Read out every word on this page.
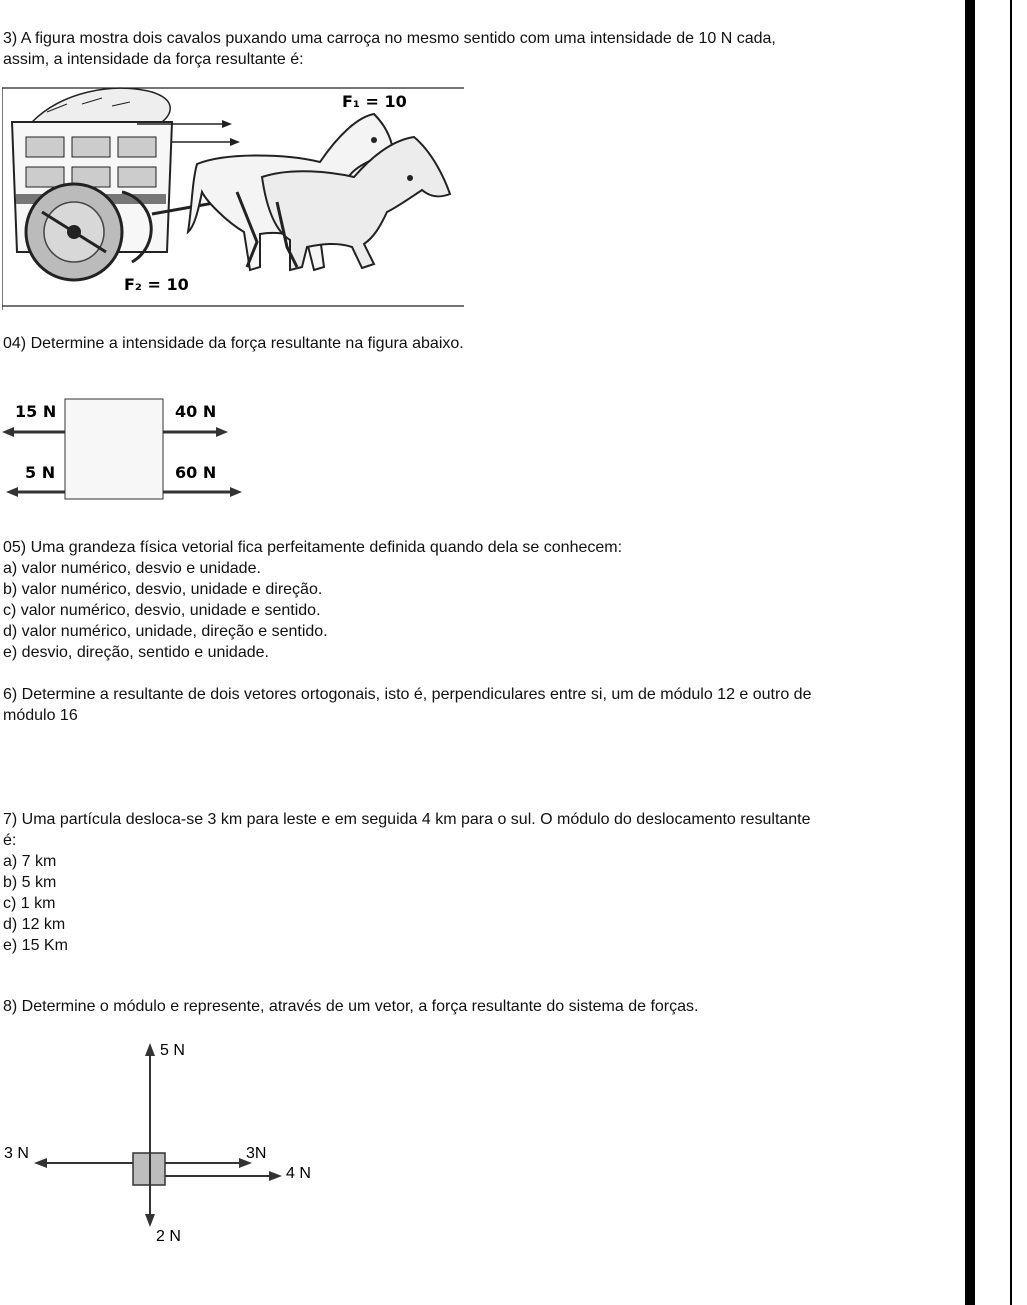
3) A figura mostra dois cavalos puxando uma carroça no mesmo sentido com uma intensidade de 10 N cada,
assim, a intensidade da força resultante é:
F₁ = 10
F₂ = 10
04) Determine a intensidade da força resultante na figura abaixo.
15 N	40 N
5 N	60 N
05) Uma grandeza física vetorial fica perfeitamente definida quando dela se conhecem:
a) valor numérico, desvio e unidade.
b) valor numérico, desvio, unidade e direção.
c) valor numérico, desvio, unidade e sentido.
d) valor numérico, unidade, direção e sentido.
e) desvio, direção, sentido e unidade.
6) Determine a resultante de dois vetores ortogonais, isto é, perpendiculares entre si, um de módulo 12 e outro de
módulo 16
7) Uma partícula desloca-se 3 km para leste e em seguida 4 km para o sul. O módulo do deslocamento resultante
é:
a) 7 km
b) 5 km
c) 1 km
d) 12 km
e) 15 Km
8) Determine o módulo e represente, através de um vetor, a força resultante do sistema de forças.
5 N
3 N	3N
4 N
2 N
